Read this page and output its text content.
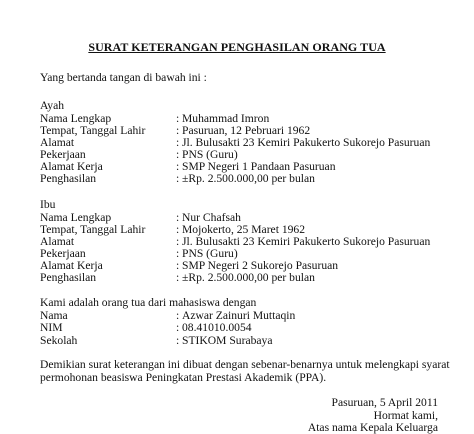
SURAT KETERANGAN PENGHASILAN ORANG TUA
Yang bertanda tangan di bawah ini :
Ayah
Nama Lengkap	: Muhammad Imron
Tempat, Tanggal Lahir	: Pasuruan, 12 Pebruari 1962
Alamat	: Jl. Bulusakti 23 Kemiri Pakukerto Sukorejo Pasuruan
Pekerjaan	: PNS (Guru)
Alamat Kerja	: SMP Negeri 1 Pandaan Pasuruan
Penghasilan	: ±Rp. 2.500.000,00 per bulan
Ibu
Nama Lengkap	: Nur Chafsah
Tempat, Tanggal Lahir	: Mojokerto, 25 Maret 1962
Alamat	: Jl. Bulusakti 23 Kemiri Pakukerto Sukorejo Pasuruan
Pekerjaan	: PNS (Guru)
Alamat Kerja	: SMP Negeri 2 Sukorejo Pasuruan
Penghasilan	: ±Rp. 2.500.000,00 per bulan
Kami adalah orang tua dari mahasiswa dengan
Nama	: Azwar Zainuri Muttaqin
NIM	: 08.41010.0054
Sekolah	: STIKOM Surabaya
Demikian surat keterangan ini dibuat dengan sebenar-benarnya untuk melengkapi syarat
permohonan beasiswa Peningkatan Prestasi Akademik (PPA).
Pasuruan, 5 April 2011
Hormat kami,
Atas nama Kepala Keluarga
